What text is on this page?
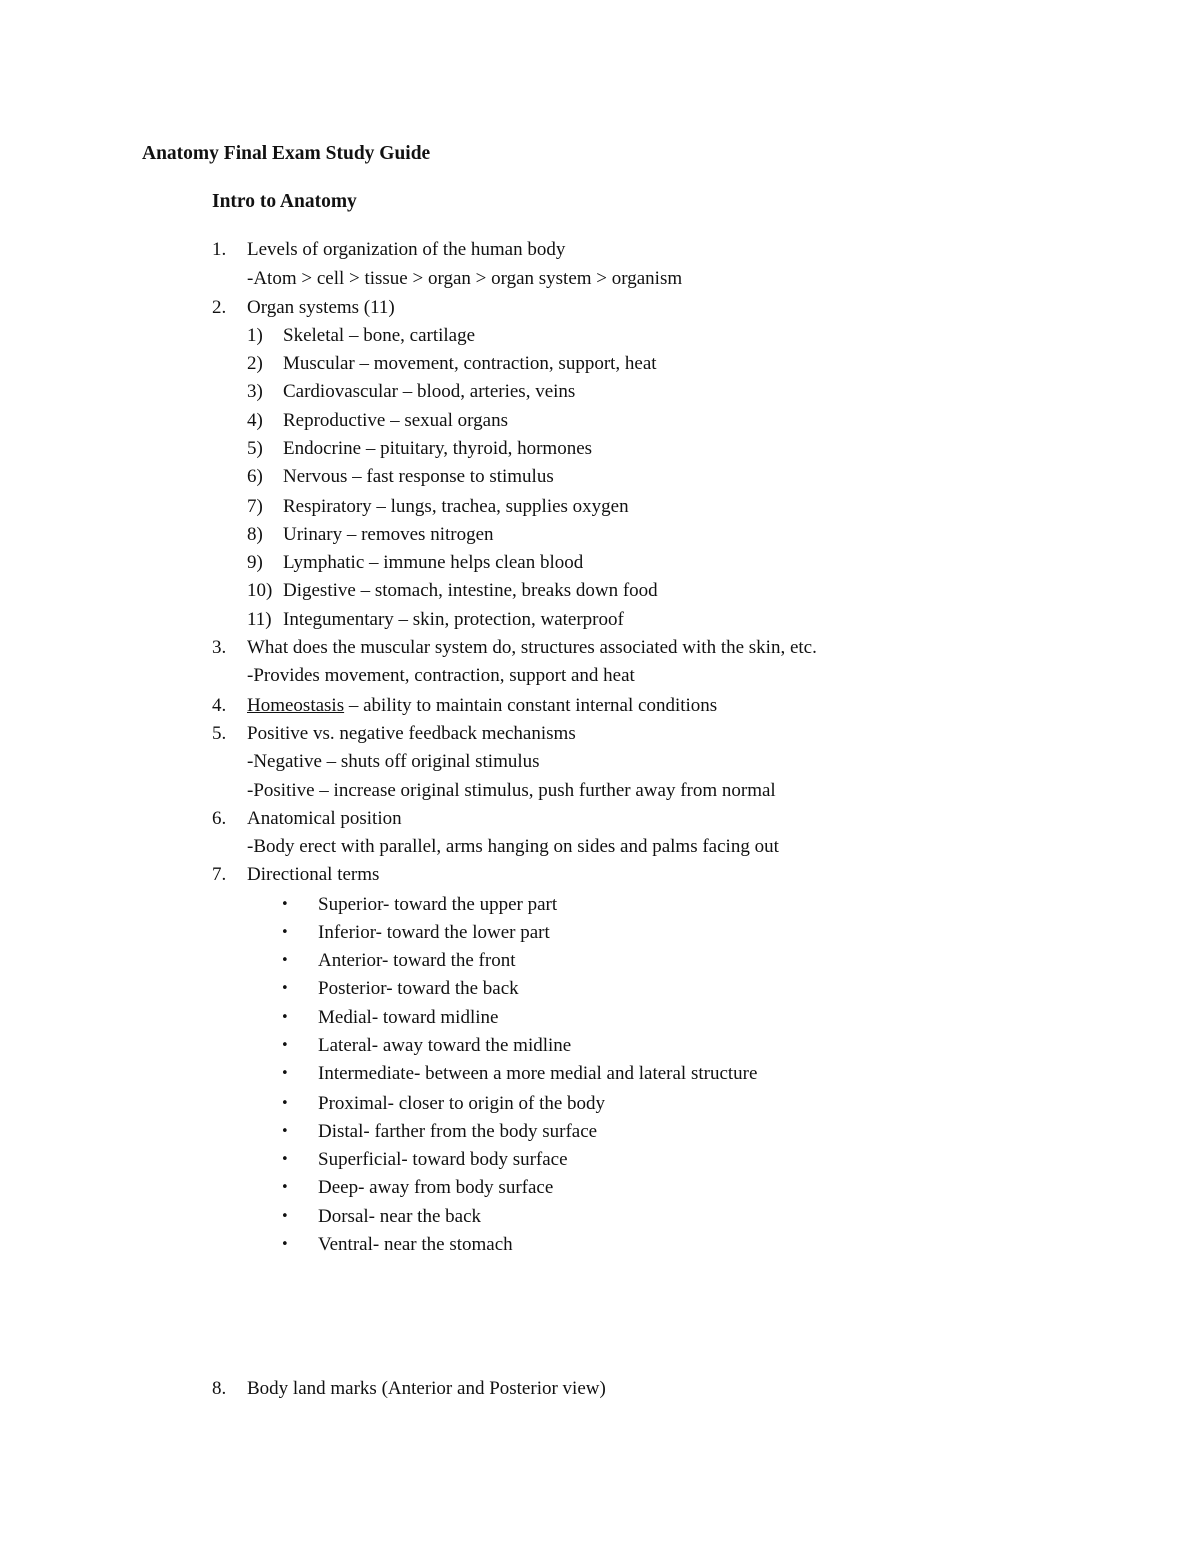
Anatomy Final Exam Study Guide
Intro to Anatomy
1. Levels of organization of the human body
-Atom > cell > tissue > organ > organ system > organism
2. Organ systems (11)
1) Skeletal – bone, cartilage
2) Muscular – movement, contraction, support, heat
3) Cardiovascular – blood, arteries, veins
4) Reproductive – sexual organs
5) Endocrine – pituitary, thyroid, hormones
6) Nervous – fast response to stimulus
7) Respiratory – lungs, trachea, supplies oxygen
8) Urinary – removes nitrogen
9) Lymphatic – immune helps clean blood
10) Digestive – stomach, intestine, breaks down food
11) Integumentary – skin, protection, waterproof
3. What does the muscular system do, structures associated with the skin, etc.
-Provides movement, contraction, support and heat
4. Homeostasis – ability to maintain constant internal conditions
5. Positive vs. negative feedback mechanisms
-Negative – shuts off original stimulus
-Positive – increase original stimulus, push further away from normal
6. Anatomical position
-Body erect with parallel, arms hanging on sides and palms facing out
7. Directional terms
• Superior- toward the upper part
• Inferior- toward the lower part
• Anterior- toward the front
• Posterior- toward the back
• Medial- toward midline
• Lateral- away toward the midline
• Intermediate- between a more medial and lateral structure
• Proximal- closer to origin of the body
• Distal- farther from the body surface
• Superficial- toward body surface
• Deep- away from body surface
• Dorsal- near the back
• Ventral- near the stomach
8. Body land marks (Anterior and Posterior view)
